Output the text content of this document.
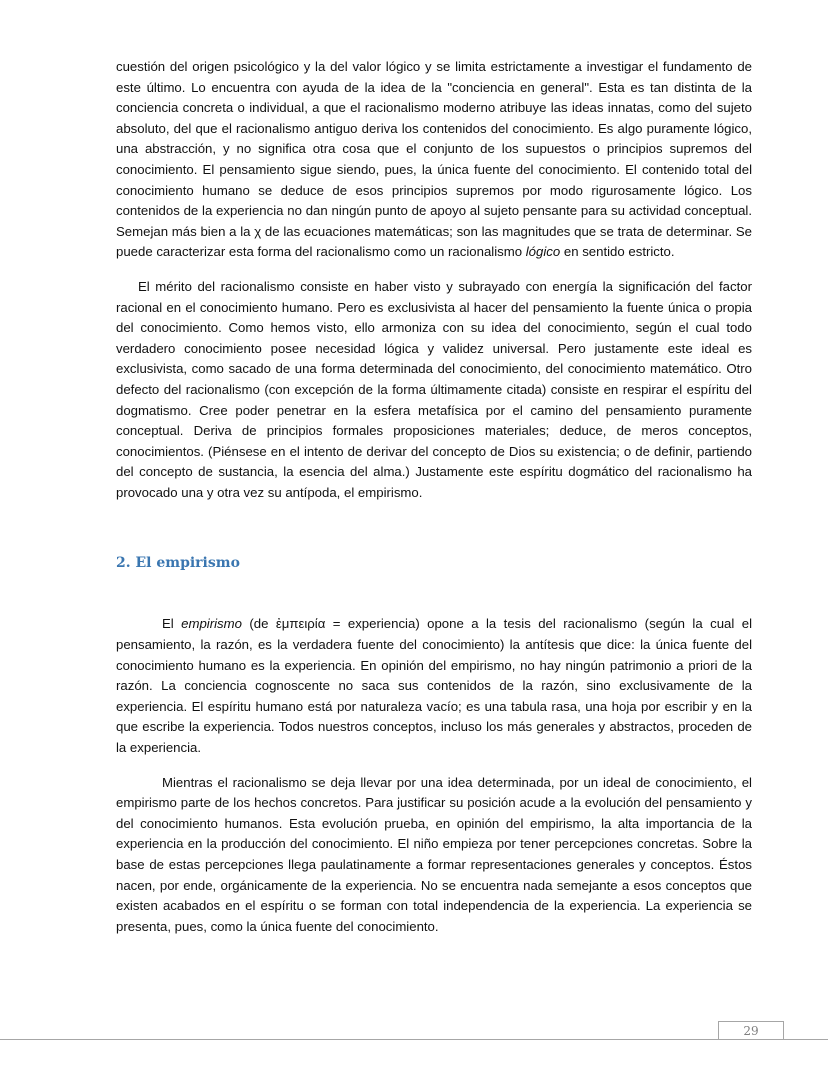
cuestión del origen psicológico y la del valor lógico y se limita estrictamente a investigar el fundamento de este último. Lo encuentra con ayuda de la idea de la "conciencia en general". Esta es tan distinta de la conciencia concreta o individual, a que el racionalismo moderno atribuye las ideas innatas, como del sujeto absoluto, del que el racionalismo antiguo deriva los contenidos del conocimiento. Es algo puramente lógico, una abstracción, y no significa otra cosa que el conjunto de los supuestos o principios supremos del conocimiento. El pensamiento sigue siendo, pues, la única fuente del conocimiento. El contenido total del conocimiento humano se deduce de esos principios supremos por modo rigurosamente lógico. Los contenidos de la experiencia no dan ningún punto de apoyo al sujeto pensante para su actividad conceptual. Semejan más bien a la χ de las ecuaciones matemáticas; son las magnitudes que se trata de determinar. Se puede caracterizar esta forma del racionalismo como un racionalismo lógico en sentido estricto.

El mérito del racionalismo consiste en haber visto y subrayado con energía la significación del factor racional en el conocimiento humano. Pero es exclusivista al hacer del pensamiento la fuente única o propia del conocimiento. Como hemos visto, ello armoniza con su idea del conocimiento, según el cual todo verdadero conocimiento posee necesidad lógica y validez universal. Pero justamente este ideal es exclusivista, como sacado de una forma determinada del conocimiento, del conocimiento matemático. Otro defecto del racionalismo (con excepción de la forma últimamente citada) consiste en respirar el espíritu del dogmatismo. Cree poder penetrar en la esfera metafísica por el camino del pensamiento puramente conceptual. Deriva de principios formales proposiciones materiales; deduce, de meros conceptos, conocimientos. (Piénsese en el intento de derivar del concepto de Dios su existencia; o de definir, partiendo del concepto de sustancia, la esencia del alma.) Justamente este espíritu dogmático del racionalismo ha provocado una y otra vez su antípoda, el empirismo.

2. El empirismo

El empirismo (de ἐμπειρία = experiencia) opone a la tesis del racionalismo (según la cual el pensamiento, la razón, es la verdadera fuente del conocimiento) la antítesis que dice: la única fuente del conocimiento humano es la experiencia. En opinión del empirismo, no hay ningún patrimonio a priori de la razón. La conciencia cognoscente no saca sus contenidos de la razón, sino exclusivamente de la experiencia. El espíritu humano está por naturaleza vacío; es una tabula rasa, una hoja por escribir y en la que escribe la experiencia. Todos nuestros conceptos, incluso los más generales y abstractos, proceden de la experiencia.

Mientras el racionalismo se deja llevar por una idea determinada, por un ideal de conocimiento, el empirismo parte de los hechos concretos. Para justificar su posición acude a la evolución del pensamiento y del conocimiento humanos. Esta evolución prueba, en opinión del empirismo, la alta importancia de la experiencia en la producción del conocimiento. El niño empieza por tener percepciones concretas. Sobre la base de estas percepciones llega paulatinamente a formar representaciones generales y conceptos. Éstos nacen, por ende, orgánicamente de la experiencia. No se encuentra nada semejante a esos conceptos que existen acabados en el espíritu o se forman con total independencia de la experiencia. La experiencia se presenta, pues, como la única fuente del conocimiento.

29
